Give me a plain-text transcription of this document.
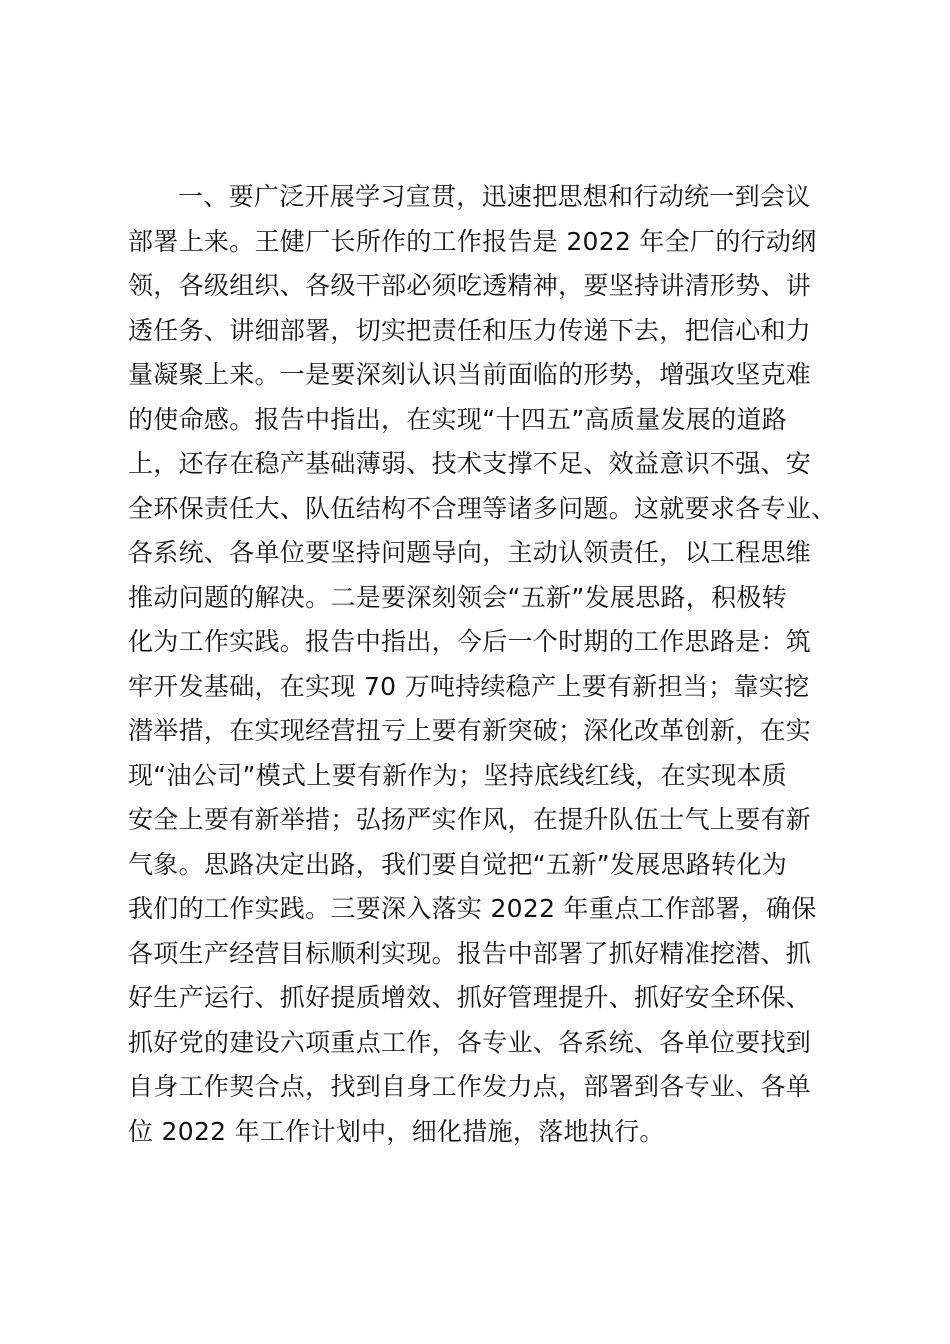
一、要广泛开展学习宣贯，迅速把思想和行动统一到会议
部署上来。王健厂长所作的工作报告是 2022 年全厂的行动纲
领，各级组织、各级干部必须吃透精神，要坚持讲清形势、讲
透任务、讲细部署，切实把责任和压力传递下去，把信心和力
量凝聚上来。一是要深刻认识当前面临的形势，增强攻坚克难
的使命感。报告中指出，在实现“十四五”高质量发展的道路
上，还存在稳产基础薄弱、技术支撑不足、效益意识不强、安
全环保责任大、队伍结构不合理等诸多问题。这就要求各专业、
各系统、各单位要坚持问题导向，主动认领责任，以工程思维
推动问题的解决。二是要深刻领会“五新”发展思路，积极转
化为工作实践。报告中指出，今后一个时期的工作思路是：筑
牢开发基础，在实现 70 万吨持续稳产上要有新担当；靠实挖
潜举措，在实现经营扭亏上要有新突破；深化改革创新，在实
现“油公司”模式上要有新作为；坚持底线红线，在实现本质
安全上要有新举措；弘扬严实作风，在提升队伍士气上要有新
气象。思路决定出路，我们要自觉把“五新”发展思路转化为
我们的工作实践。三要深入落实 2022 年重点工作部署，确保
各项生产经营目标顺利实现。报告中部署了抓好精准挖潜、抓
好生产运行、抓好提质增效、抓好管理提升、抓好安全环保、
抓好党的建设六项重点工作，各专业、各系统、各单位要找到
自身工作契合点，找到自身工作发力点，部署到各专业、各单
位 2022 年工作计划中，细化措施，落地执行。
